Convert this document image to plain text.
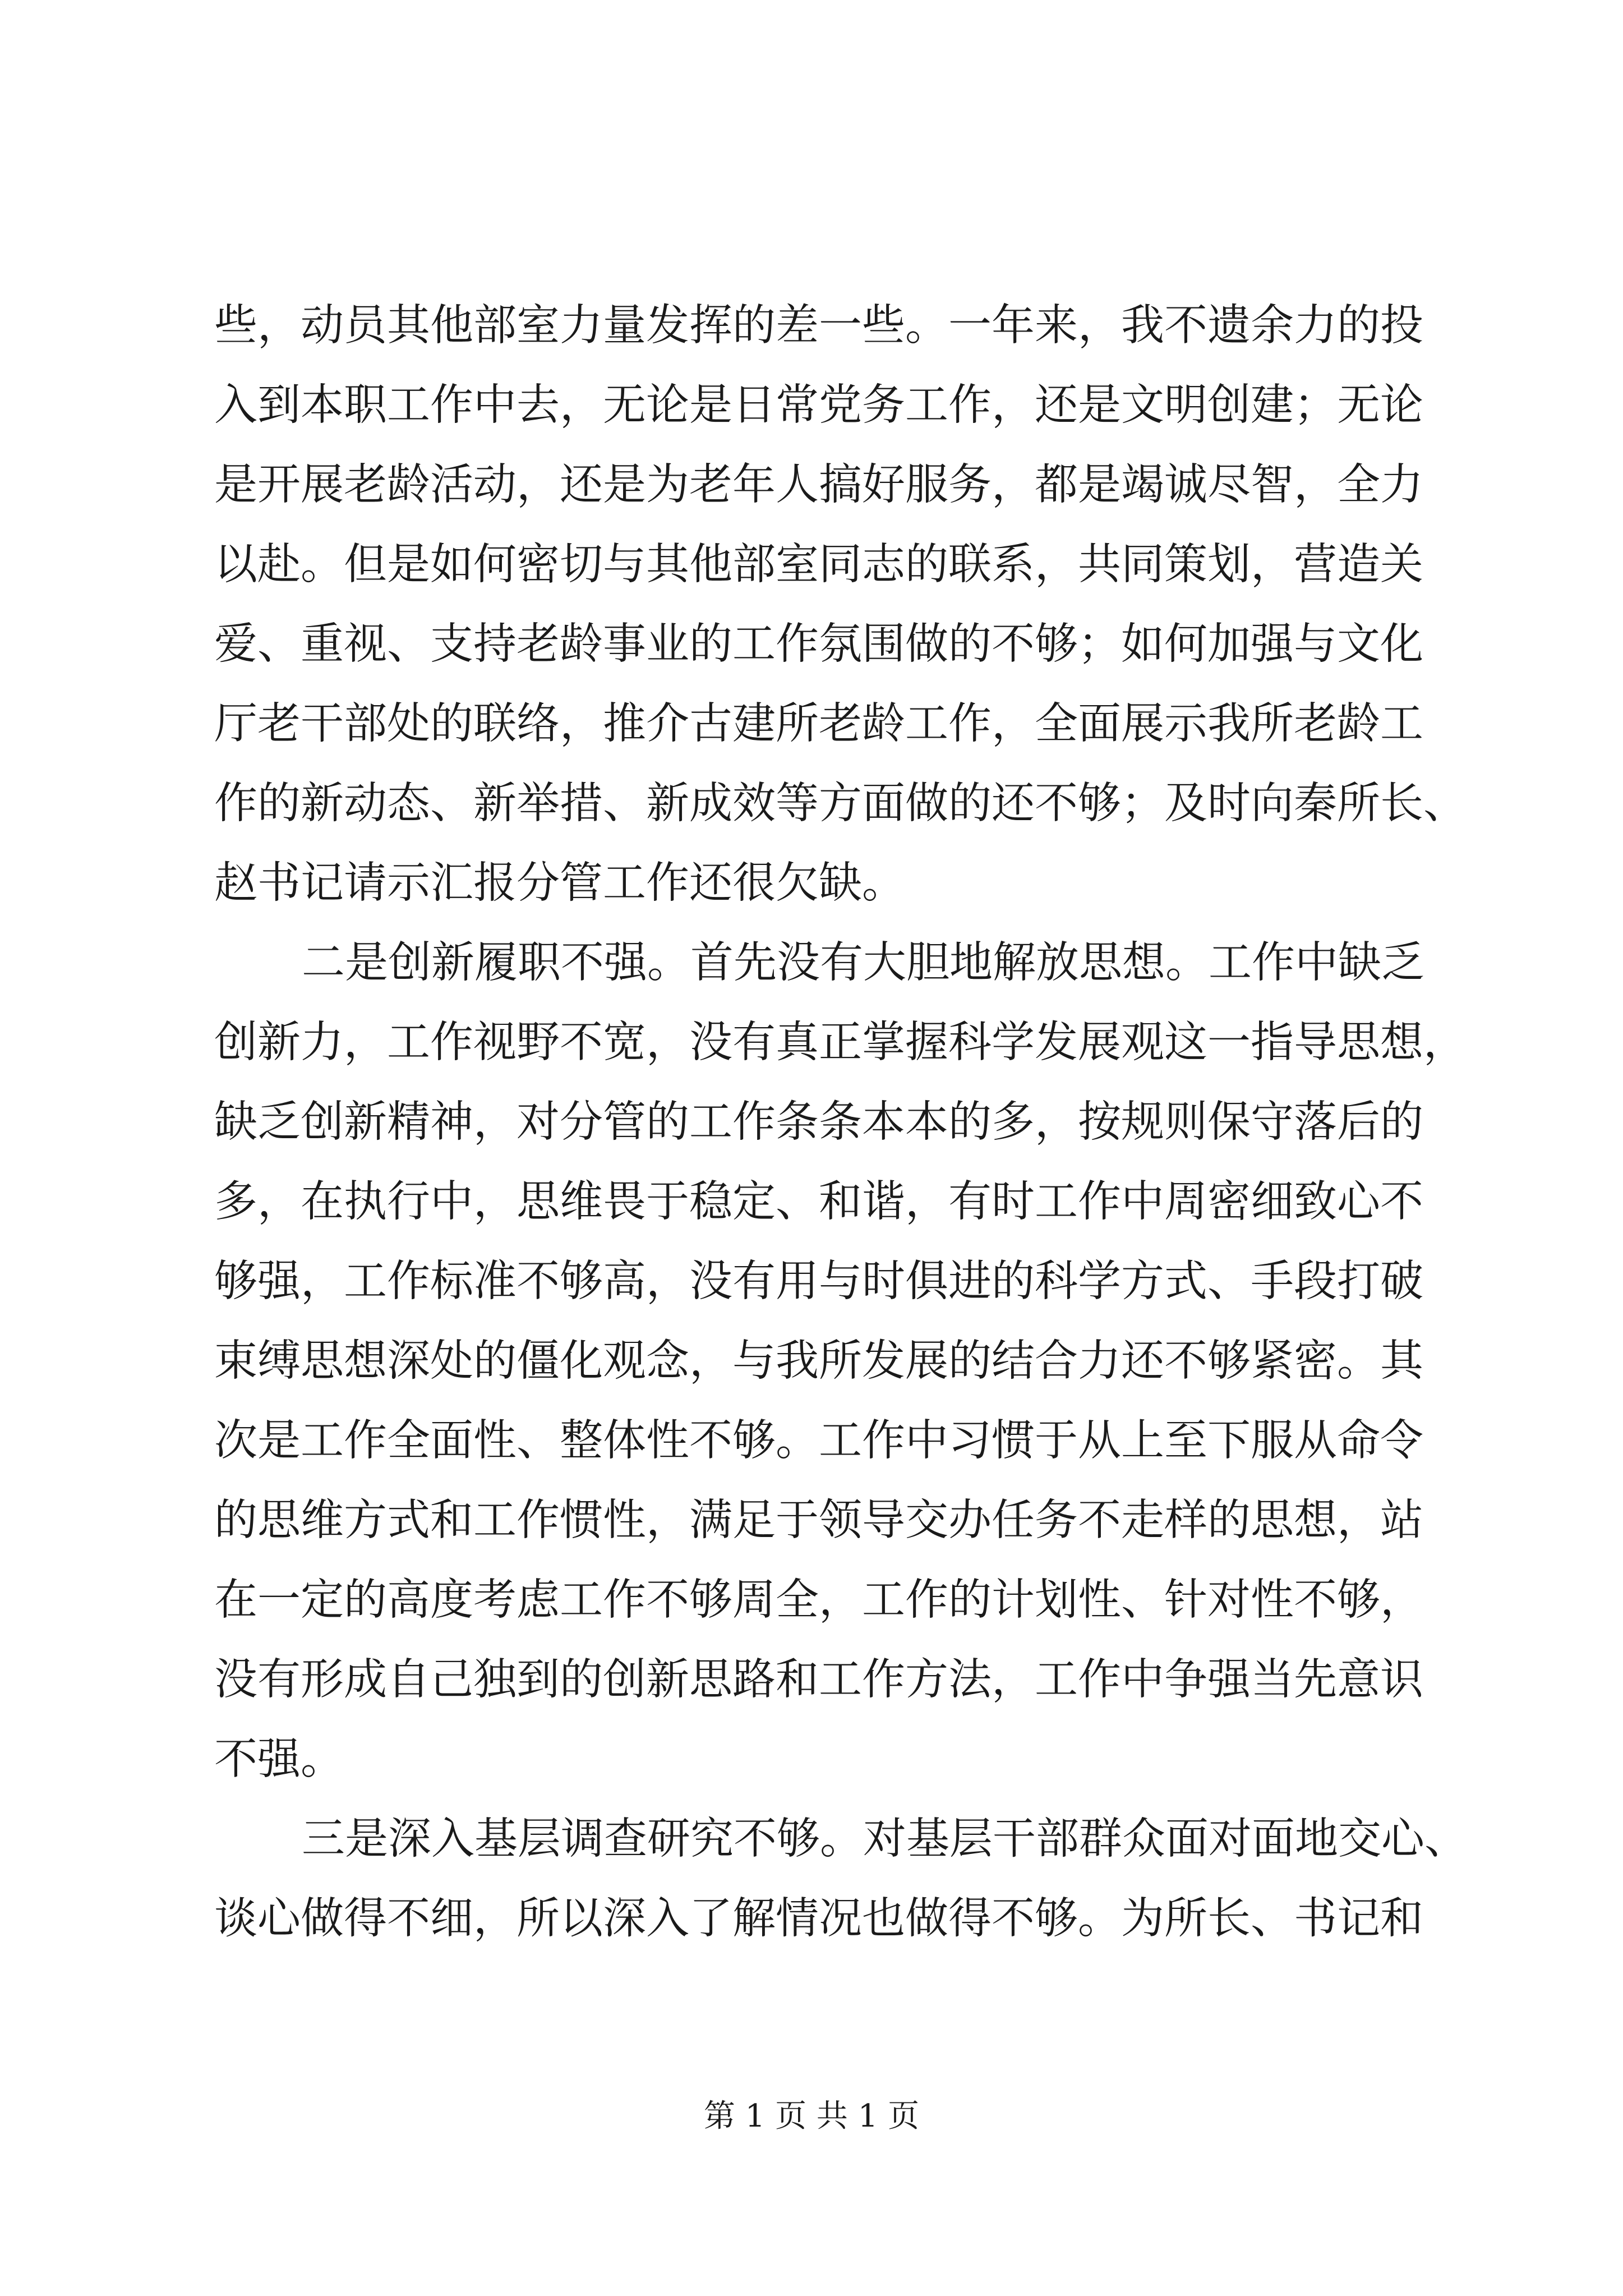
些，动员其他部室力量发挥的差一些。一年来，我不遗余力的投
入到本职工作中去，无论是日常党务工作，还是文明创建；无论
是开展老龄活动，还是为老年人搞好服务，都是竭诚尽智，全力
以赴。但是如何密切与其他部室同志的联系，共同策划，营造关
爱、重视、支持老龄事业的工作氛围做的不够；如何加强与文化
厅老干部处的联络，推介古建所老龄工作，全面展示我所老龄工
作的新动态、新举措、新成效等方面做的还不够；及时向秦所长、
赵书记请示汇报分管工作还很欠缺。
二是创新履职不强。首先没有大胆地解放思想。工作中缺乏
创新力，工作视野不宽，没有真正掌握科学发展观这一指导思想，
缺乏创新精神，对分管的工作条条本本的多，按规则保守落后的
多，在执行中，思维畏于稳定、和谐，有时工作中周密细致心不
够强，工作标准不够高，没有用与时俱进的科学方式、手段打破
束缚思想深处的僵化观念，与我所发展的结合力还不够紧密。其
次是工作全面性、整体性不够。工作中习惯于从上至下服从命令
的思维方式和工作惯性，满足于领导交办任务不走样的思想，站
在一定的高度考虑工作不够周全，工作的计划性、针对性不够，
没有形成自己独到的创新思路和工作方法，工作中争强当先意识
不强。
三是深入基层调查研究不够。对基层干部群众面对面地交心、
谈心做得不细，所以深入了解情况也做得不够。为所长、书记和
第 1 页 共 1 页
